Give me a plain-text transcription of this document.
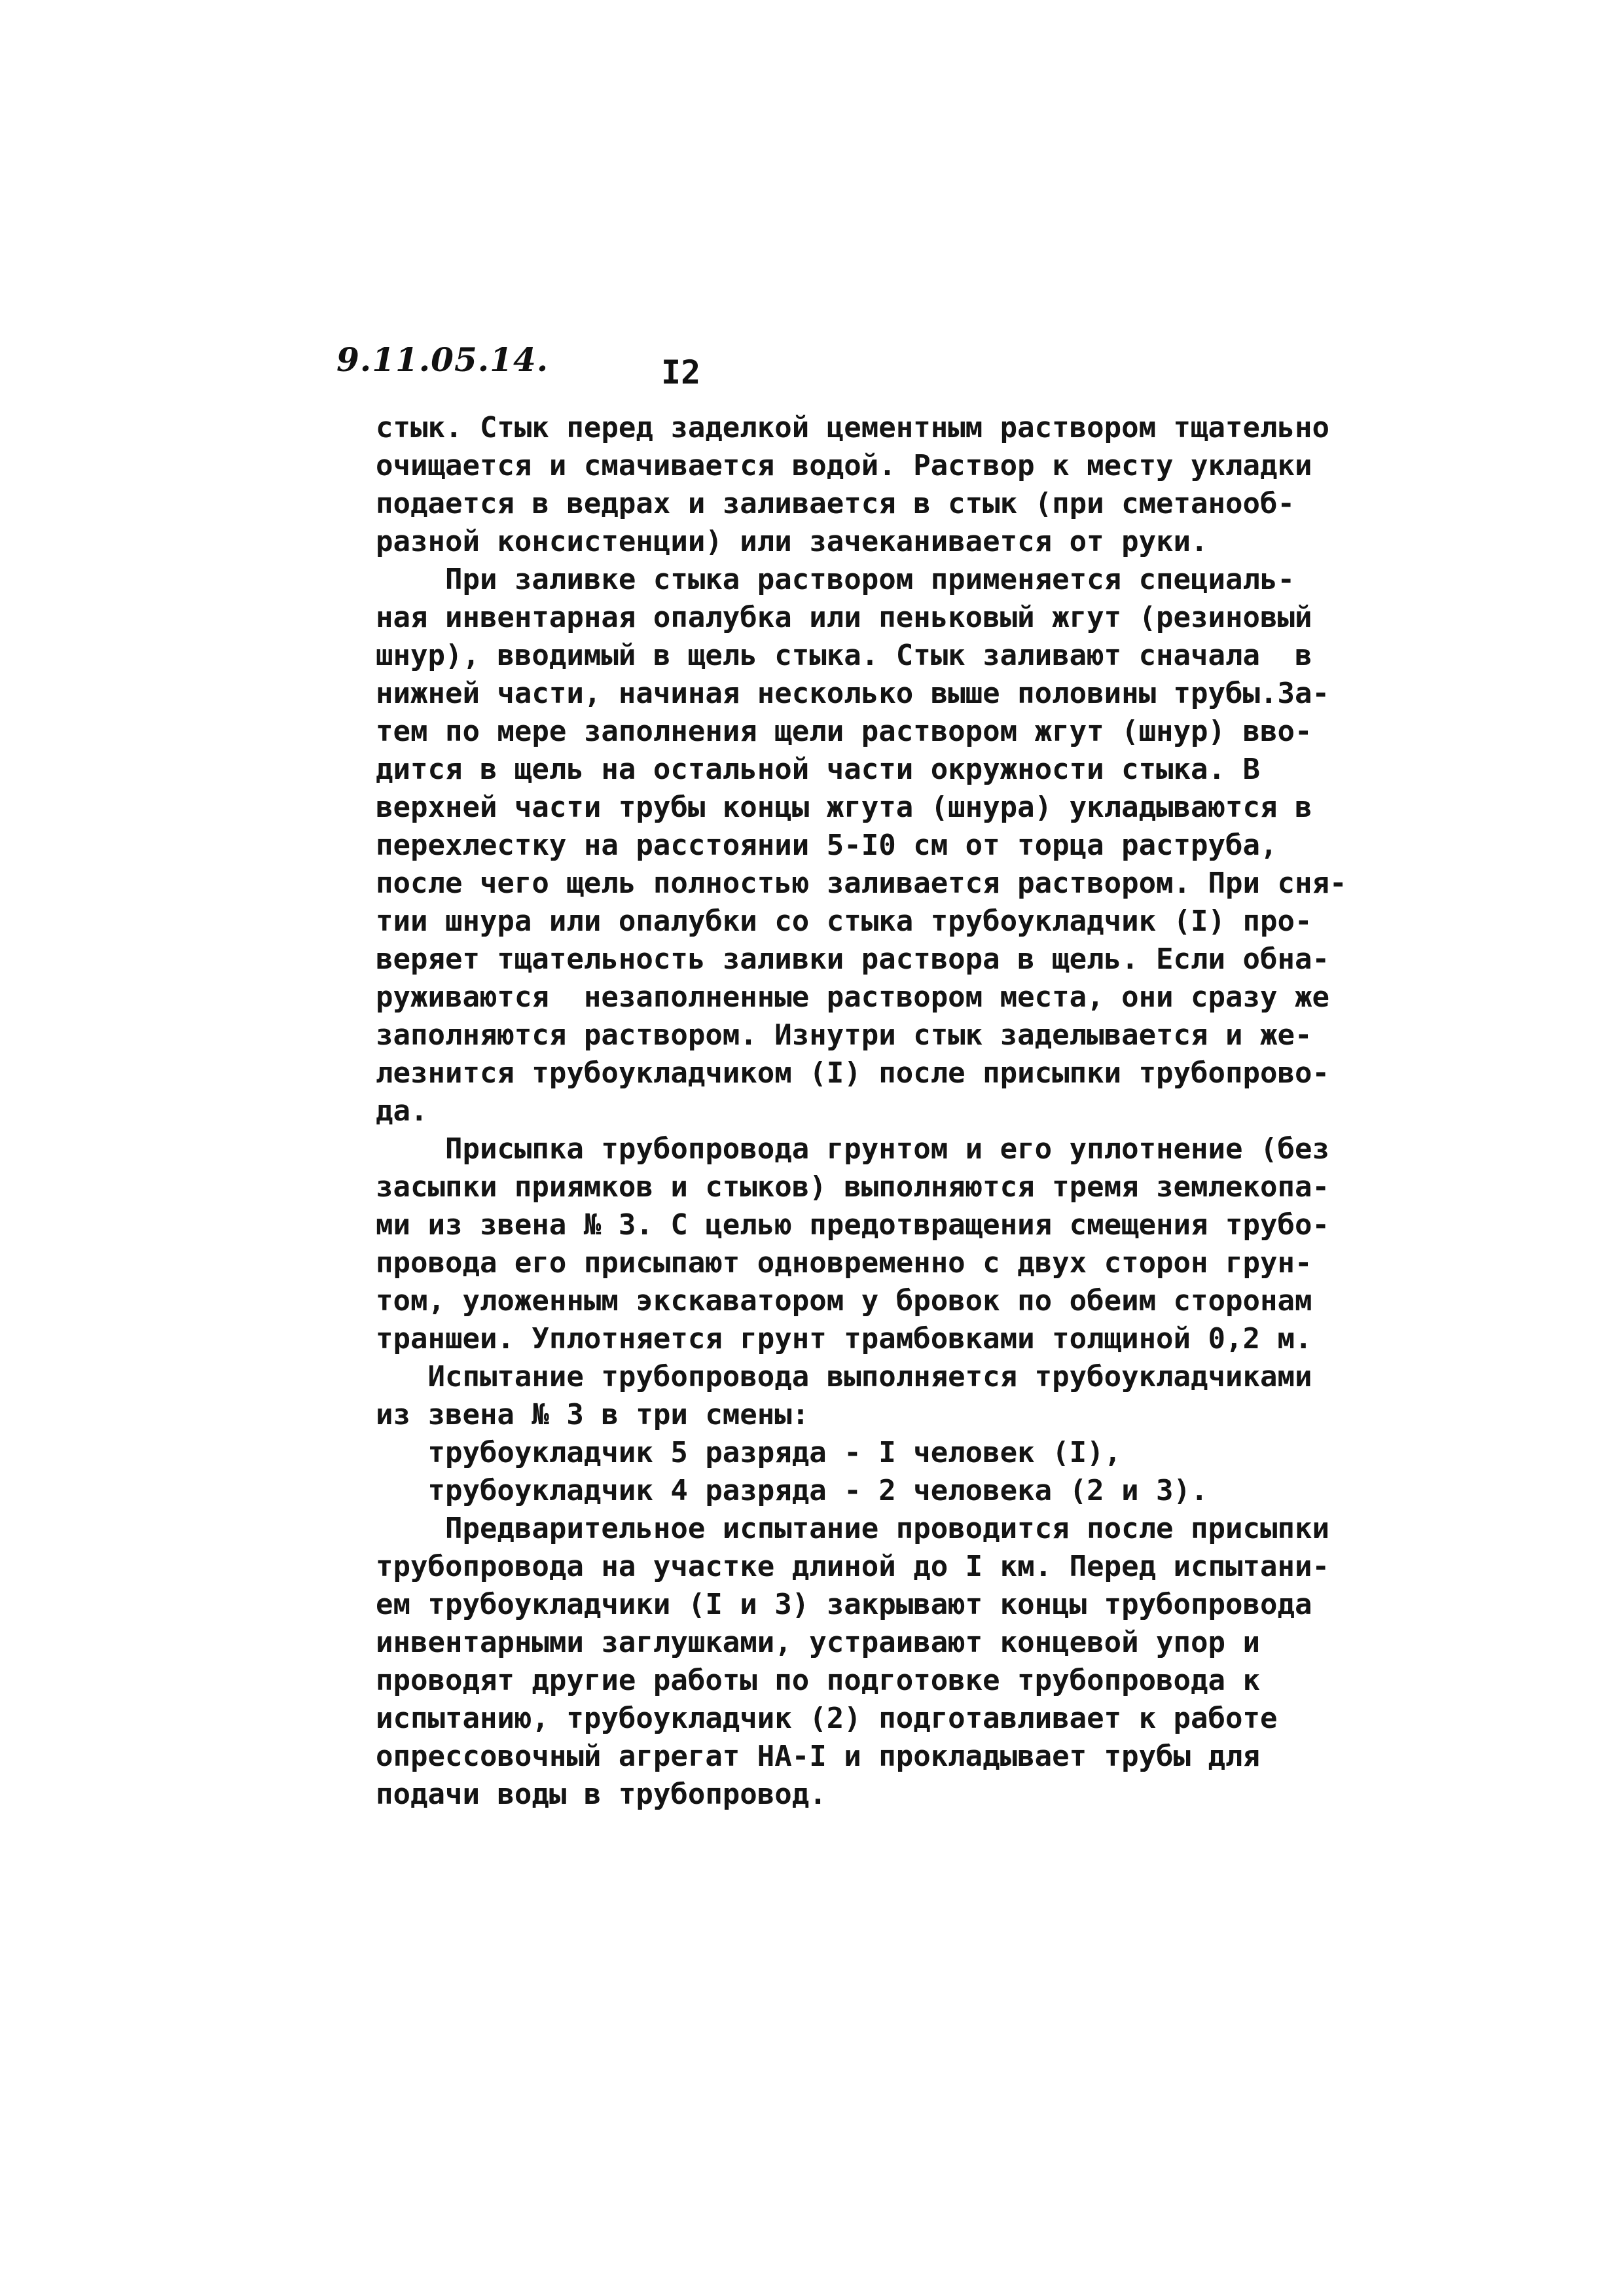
9.11.05.14.	I2
стык. Стык перед заделкой цементным раствором тщательно
очищается и смачивается водой. Раствор к месту укладки
подается в ведрах и заливается в стык (при сметанооб-
разной консистенции) или зачеканивается от руки.
При заливке стыка раствором применяется специаль-
ная инвентарная опалубка или пеньковый жгут (резиновый
шнур), вводимый в щель стыка. Стык заливают сначала  в
нижней части, начиная несколько выше половины трубы.За-
тем по мере заполнения щели раствором жгут (шнур) вво-
дится в щель на остальной части окружности стыка. В
верхней части трубы концы жгута (шнура) укладываются в
перехлестку на расстоянии 5-I0 см от торца раструба,
после чего щель полностью заливается раствором. При сня-
тии шнура или опалубки со стыка трубоукладчик (I) про-
веряет тщательность заливки раствора в щель. Если обна-
руживаются  незаполненные раствором места, они сразу же
заполняются раствором. Изнутри стык заделывается и же-
лезнится трубоукладчиком (I) после присыпки трубопрово-
да.
Присыпка трубопровода грунтом и его уплотнение (без
засыпки приямков и стыков) выполняются тремя землекопа-
ми из звена № 3. С целью предотвращения смещения трубо-
провода его присыпают одновременно с двух сторон грун-
том, уложенным экскаватором у бровок по обеим сторонам
траншеи. Уплотняется грунт трамбовками толщиной 0,2 м.
Испытание трубопровода выполняется трубоукладчиками
из звена № 3 в три смены:
трубоукладчик 5 разряда - I человек (I),
трубоукладчик 4 разряда - 2 человека (2 и 3).
Предварительное испытание проводится после присыпки
трубопровода на участке длиной до I км. Перед испытани-
ем трубоукладчики (I и 3) закрывают концы трубопровода
инвентарными заглушками, устраивают концевой упор и
проводят другие работы по подготовке трубопровода к
испытанию, трубоукладчик (2) подготавливает к работе
опрессовочный агрегат НА-I и прокладывает трубы для
подачи воды в трубопровод.
